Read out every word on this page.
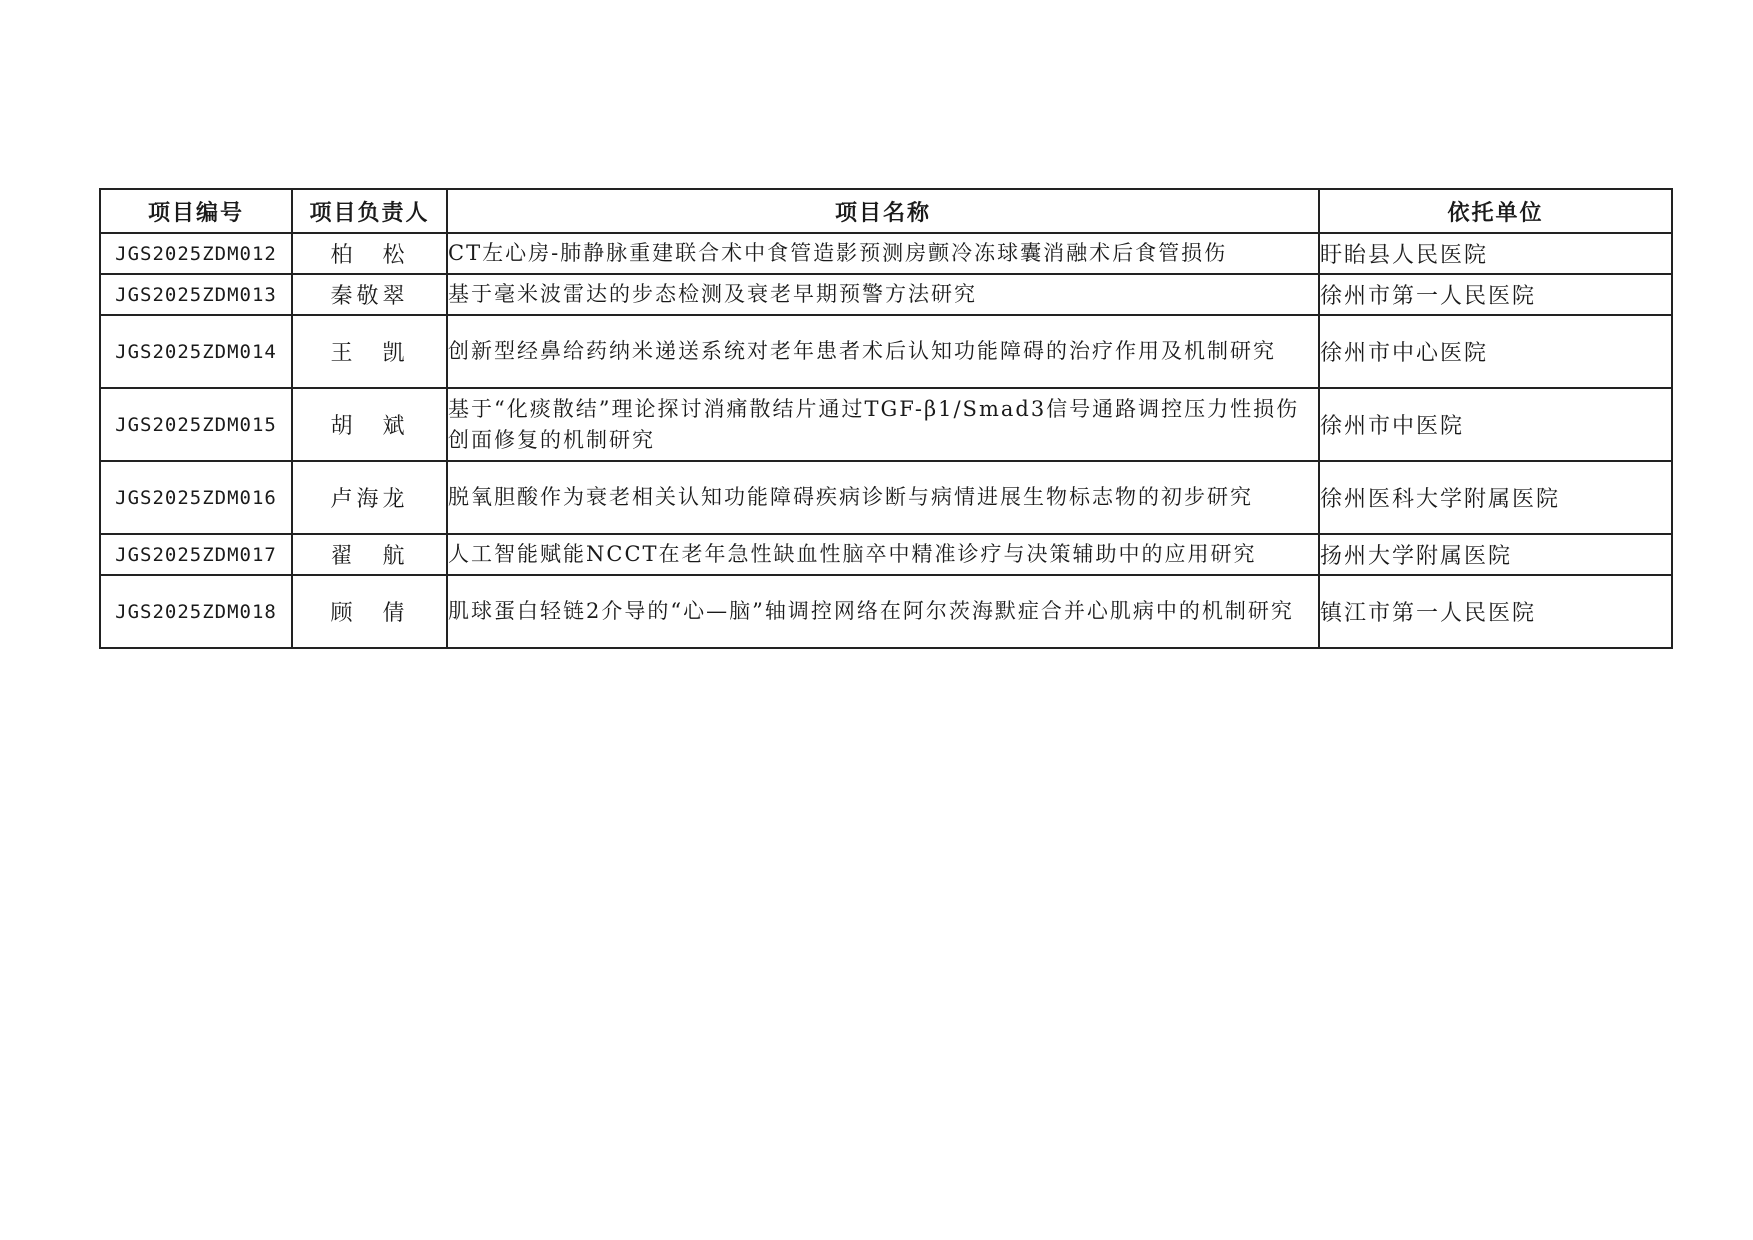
项目编号	项目负责人	项目名称	依托单位
JGS2025ZDM012	柏　松	CT左心房-肺静脉重建联合术中食管造影预测房颤冷冻球囊消融术后食管损伤	盱眙县人民医院
JGS2025ZDM013	秦敬翠	基于毫米波雷达的步态检测及衰老早期预警方法研究	徐州市第一人民医院
JGS2025ZDM014	王　凯	创新型经鼻给药纳米递送系统对老年患者术后认知功能障碍的治疗作用及机制研究	徐州市中心医院
JGS2025ZDM015	胡　斌	基于“化痰散结”理论探讨消痛散结片通过TGF-β1/Smad3信号通路调控压力性损伤创面修复的机制研究	徐州市中医院
JGS2025ZDM016	卢海龙	脱氧胆酸作为衰老相关认知功能障碍疾病诊断与病情进展生物标志物的初步研究	徐州医科大学附属医院
JGS2025ZDM017	翟　航	人工智能赋能NCCT在老年急性缺血性脑卒中精准诊疗与决策辅助中的应用研究	扬州大学附属医院
JGS2025ZDM018	顾　倩	肌球蛋白轻链2介导的“心—脑”轴调控网络在阿尔茨海默症合并心肌病中的机制研究	镇江市第一人民医院
